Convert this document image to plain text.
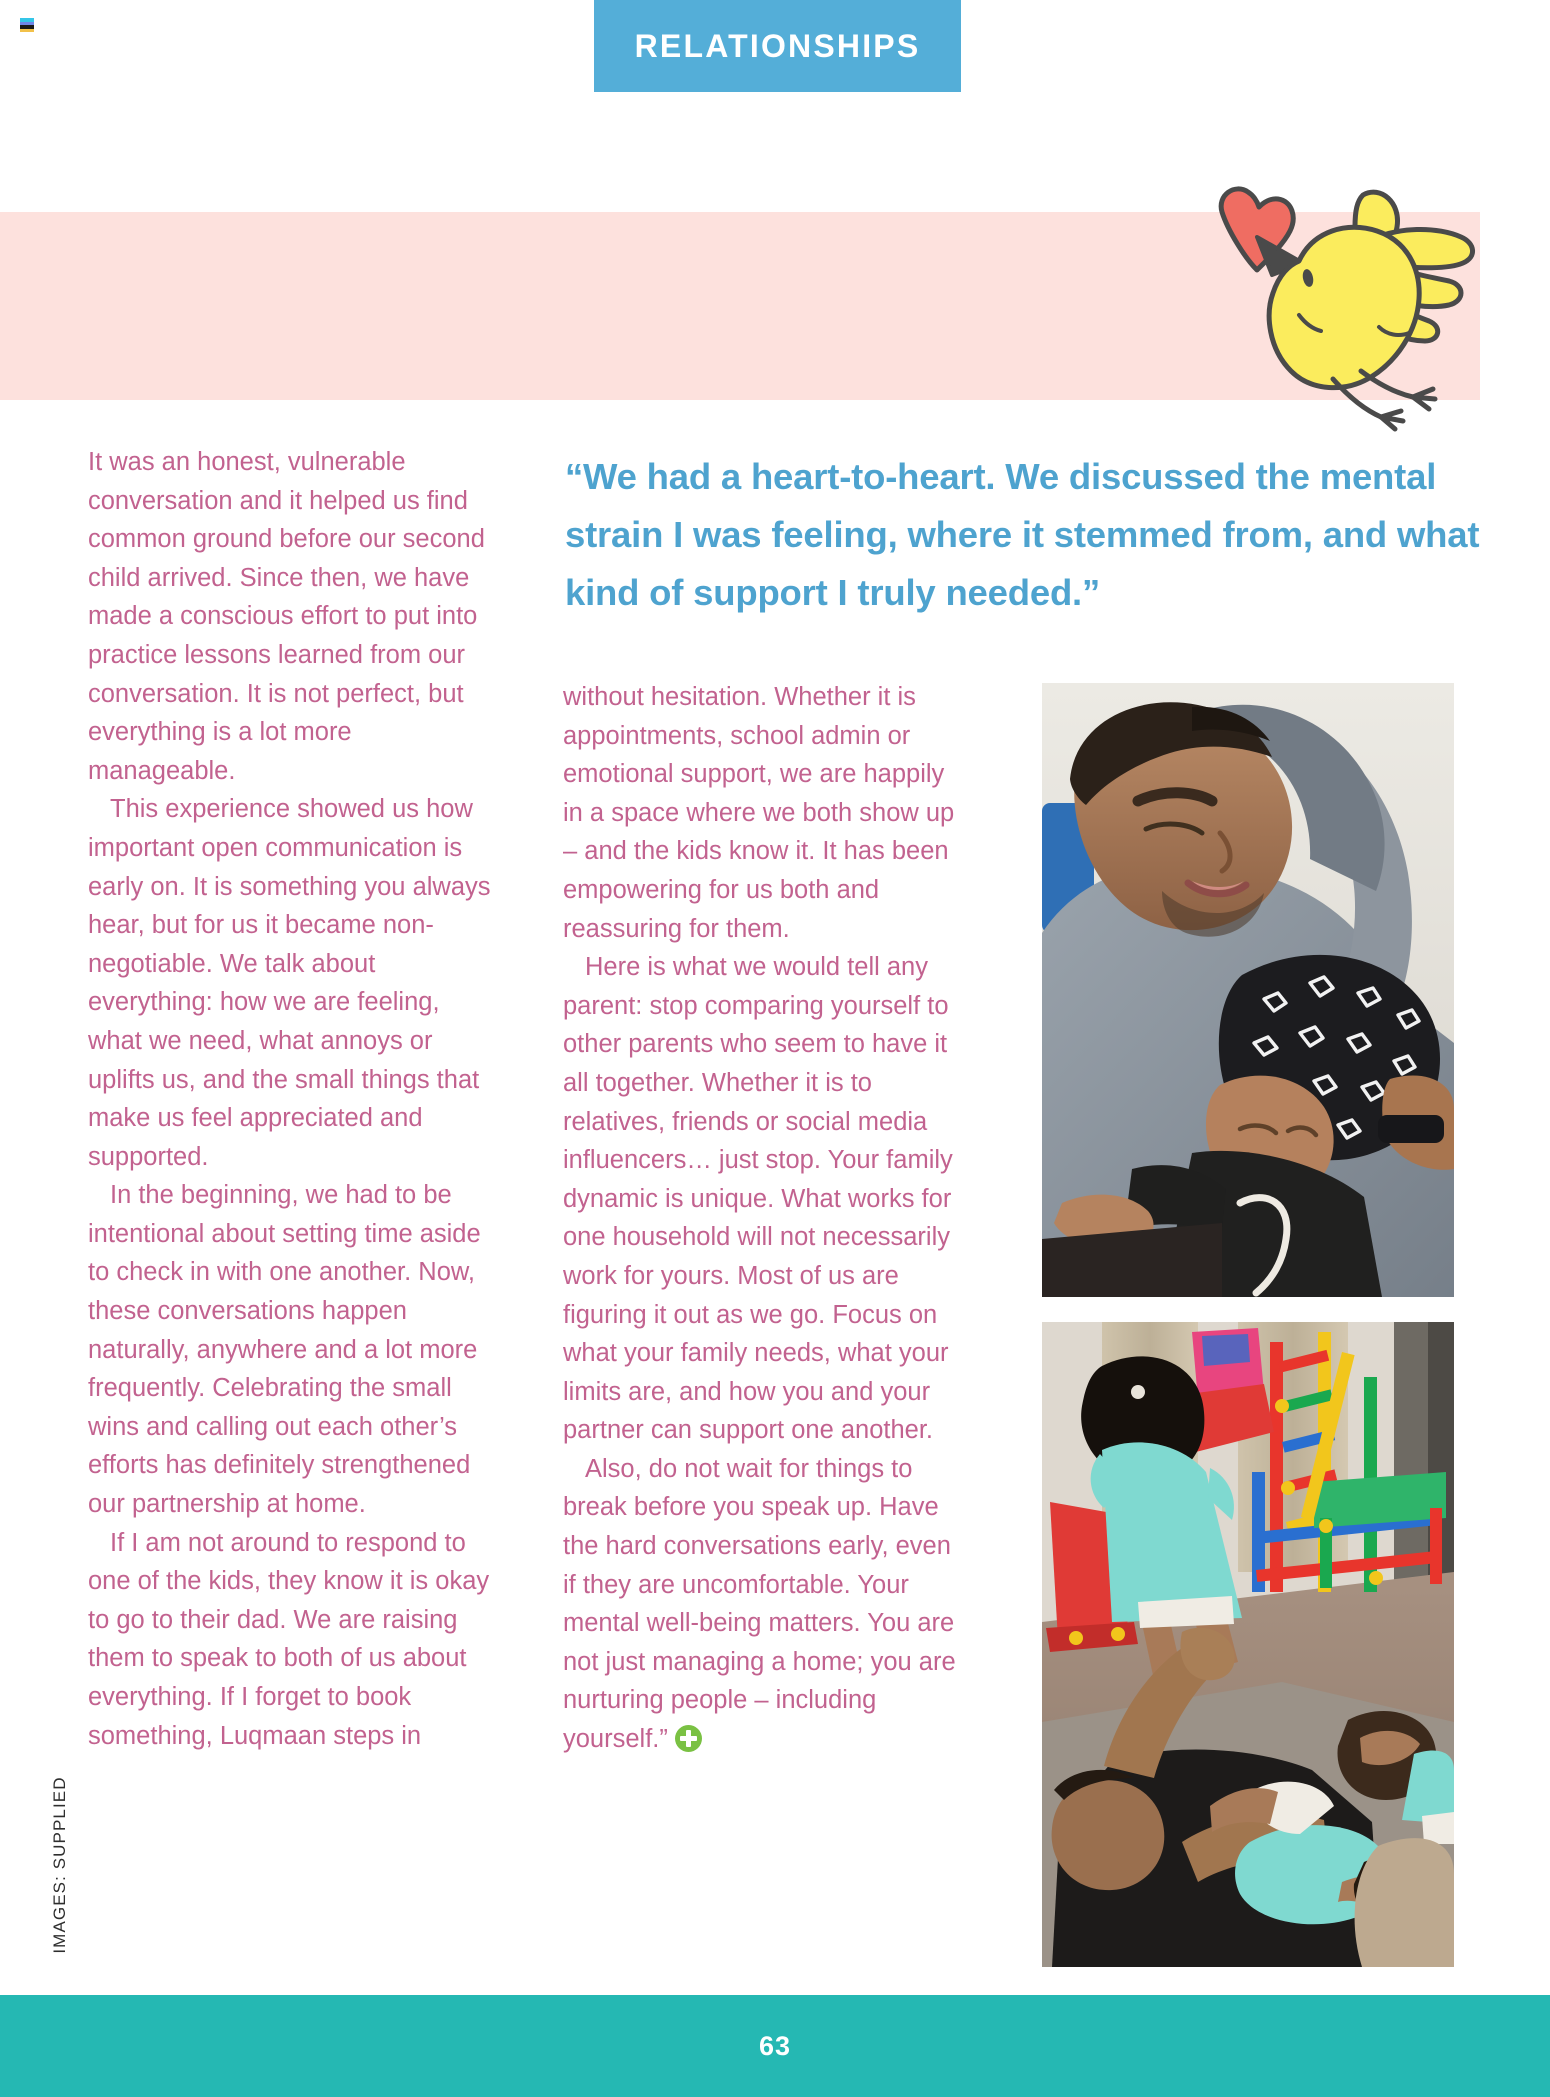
RELATIONSHIPS
“We had a heart-to-heart. We discussed the mental strain I was feeling, where it stemmed from, and what kind of support I truly needed.”

It was an honest, vulnerable conversation and it helped us find common ground before our second child arrived. Since then, we have made a conscious effort to put into practice lessons learned from our conversation. It is not perfect, but everything is a lot more manageable.

This experience showed us how important open communication is early on. It is something you always hear, but for us it became non-negotiable. We talk about everything: how we are feeling, what we need, what annoys or uplifts us, and the small things that make us feel appreciated and supported.

In the beginning, we had to be intentional about setting time aside to check in with one another. Now, these conversations happen naturally, anywhere and a lot more frequently. Celebrating the small wins and calling out each other’s efforts has definitely strengthened our partnership at home.

If I am not around to respond to one of the kids, they know it is okay to go to their dad. We are raising them to speak to both of us about everything. If I forget to book something, Luqmaan steps in

without hesitation. Whether it is appointments, school admin or emotional support, we are happily in a space where we both show up – and the kids know it. It has been empowering for us both and reassuring for them.

Here is what we would tell any parent: stop comparing yourself to other parents who seem to have it all together. Whether it is to relatives, friends or social media influencers… just stop. Your family dynamic is unique. What works for one household will not necessarily work for yours. Most of us are figuring it out as we go. Focus on what your family needs, what your limits are, and how you and your partner can support one another.

Also, do not wait for things to break before you speak up. Have the hard conversations early, even if they are uncomfortable. Your mental well-being matters. You are not just managing a home; you are nurturing people – including yourself.”

IMAGES: SUPPLIED
63
